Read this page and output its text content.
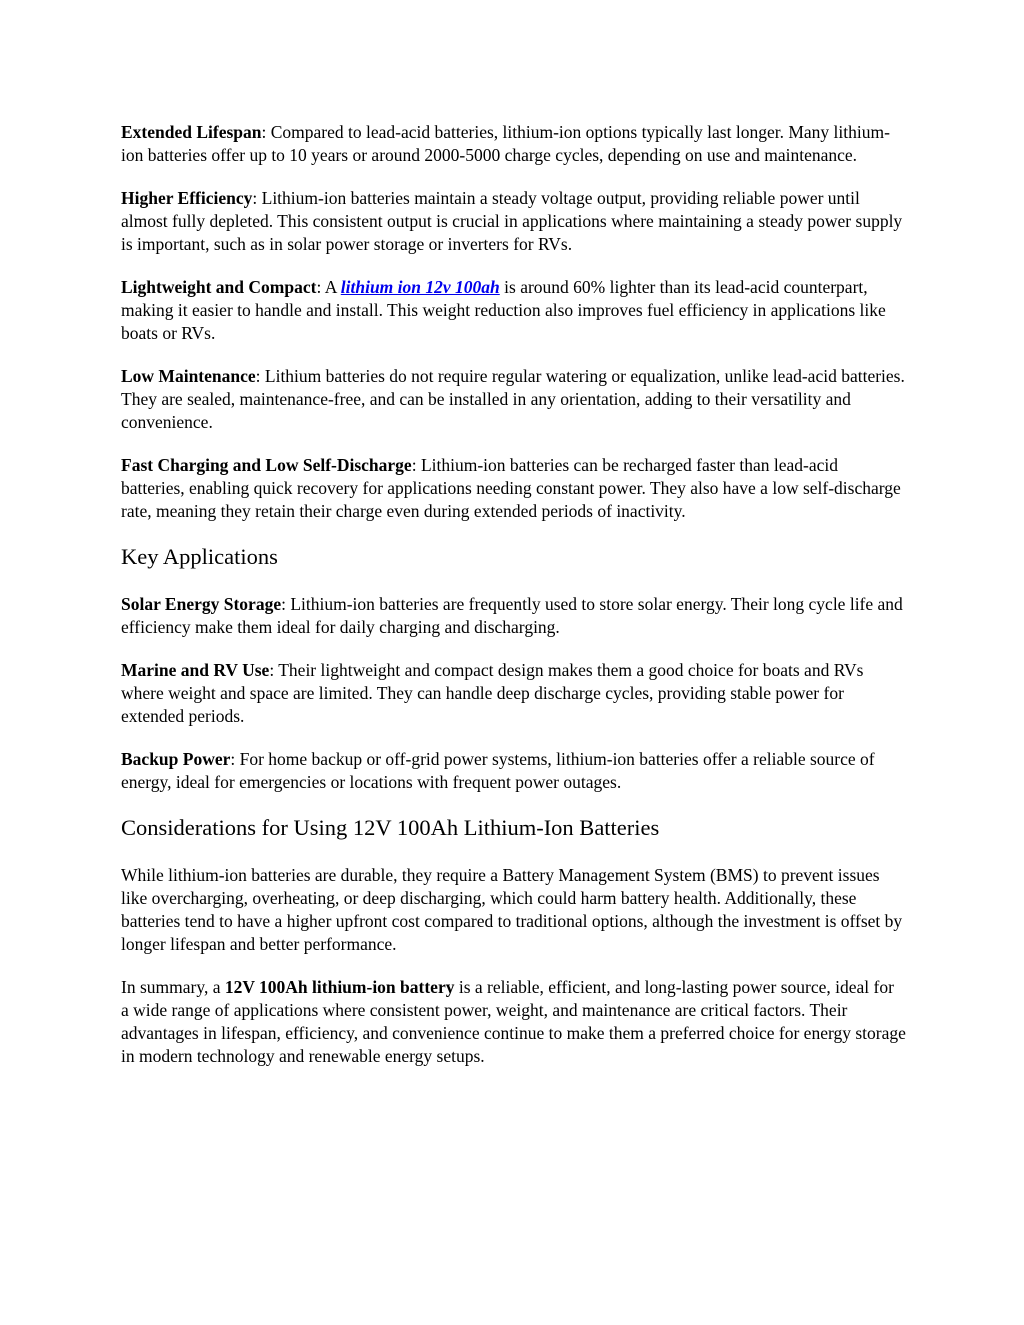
Extended Lifespan: Compared to lead-acid batteries, lithium-ion options typically last longer. Many lithium-ion batteries offer up to 10 years or around 2000-5000 charge cycles, depending on use and maintenance.

Higher Efficiency: Lithium-ion batteries maintain a steady voltage output, providing reliable power until almost fully depleted. This consistent output is crucial in applications where maintaining a steady power supply is important, such as in solar power storage or inverters for RVs.

Lightweight and Compact: A lithium ion 12v 100ah is around 60% lighter than its lead-acid counterpart, making it easier to handle and install. This weight reduction also improves fuel efficiency in applications like boats or RVs.

Low Maintenance: Lithium batteries do not require regular watering or equalization, unlike lead-acid batteries. They are sealed, maintenance-free, and can be installed in any orientation, adding to their versatility and convenience.

Fast Charging and Low Self-Discharge: Lithium-ion batteries can be recharged faster than lead-acid batteries, enabling quick recovery for applications needing constant power. They also have a low self-discharge rate, meaning they retain their charge even during extended periods of inactivity.

Key Applications

Solar Energy Storage: Lithium-ion batteries are frequently used to store solar energy. Their long cycle life and efficiency make them ideal for daily charging and discharging.

Marine and RV Use: Their lightweight and compact design makes them a good choice for boats and RVs where weight and space are limited. They can handle deep discharge cycles, providing stable power for extended periods.

Backup Power: For home backup or off-grid power systems, lithium-ion batteries offer a reliable source of energy, ideal for emergencies or locations with frequent power outages.

Considerations for Using 12V 100Ah Lithium-Ion Batteries

While lithium-ion batteries are durable, they require a Battery Management System (BMS) to prevent issues like overcharging, overheating, or deep discharging, which could harm battery health. Additionally, these batteries tend to have a higher upfront cost compared to traditional options, although the investment is offset by longer lifespan and better performance.

In summary, a 12V 100Ah lithium-ion battery is a reliable, efficient, and long-lasting power source, ideal for a wide range of applications where consistent power, weight, and maintenance are critical factors. Their advantages in lifespan, efficiency, and convenience continue to make them a preferred choice for energy storage in modern technology and renewable energy setups.
